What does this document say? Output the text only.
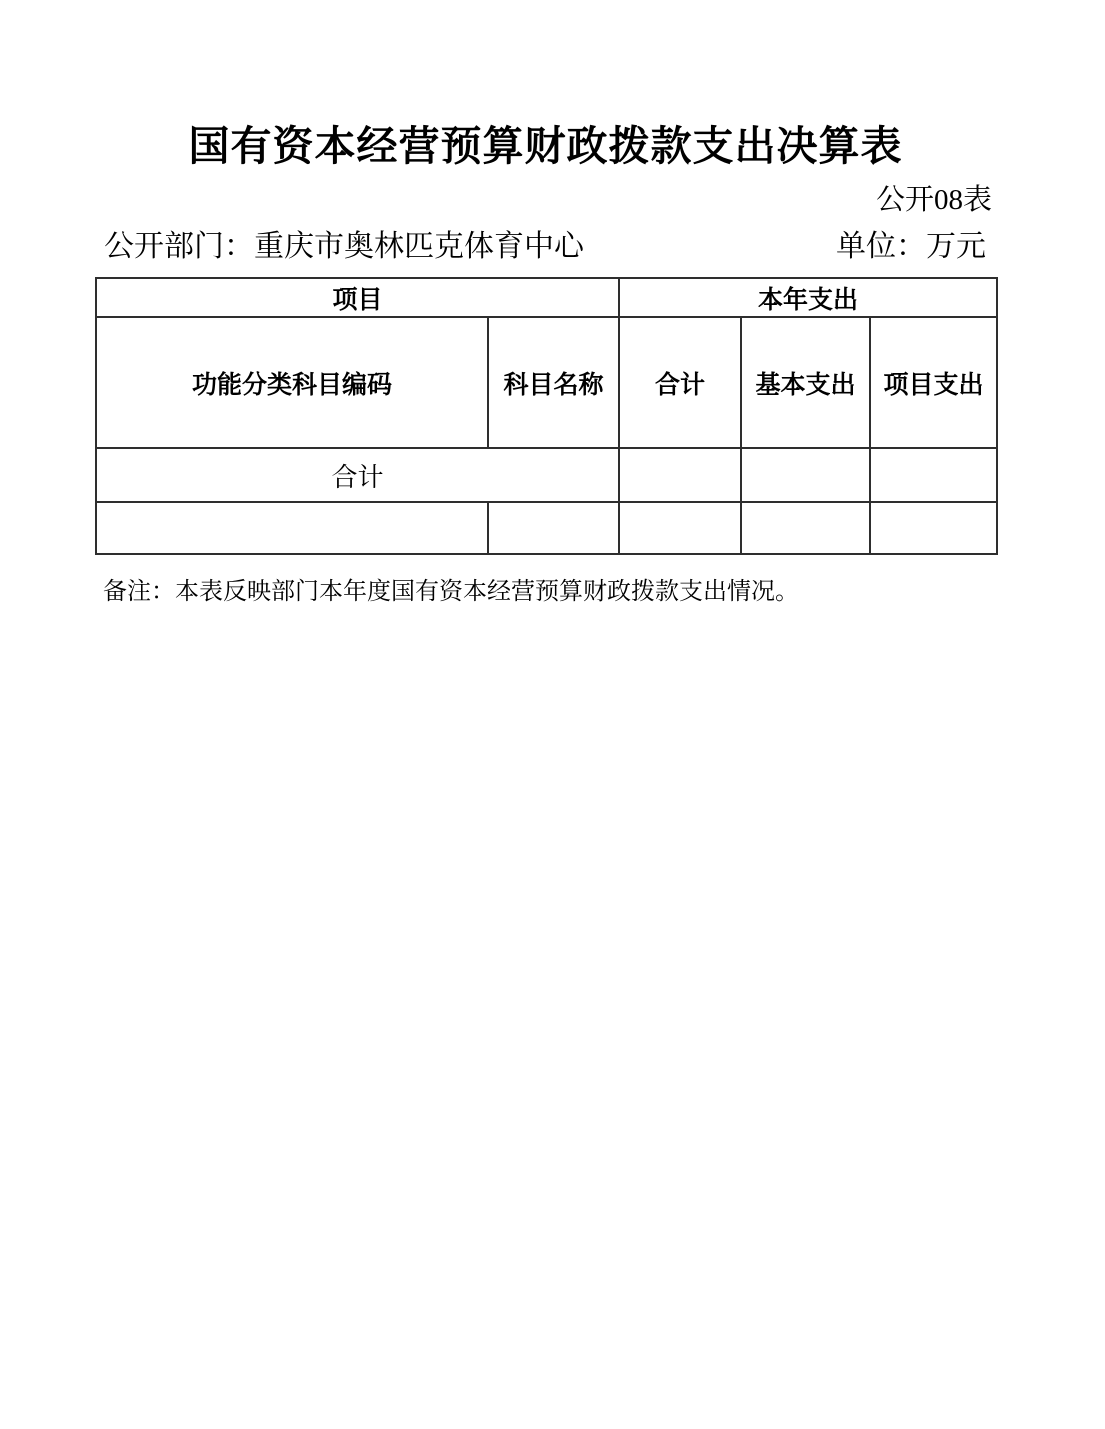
国有资本经营预算财政拨款支出决算表
公开08表
公开部门：重庆市奥林匹克体育中心	单位：万元
项目		本年支出		
功能分类科目编码	科目名称	合计	基本支出	项目支出
合计				

备注：本表反映部门本年度国有资本经营预算财政拨款支出情况。
